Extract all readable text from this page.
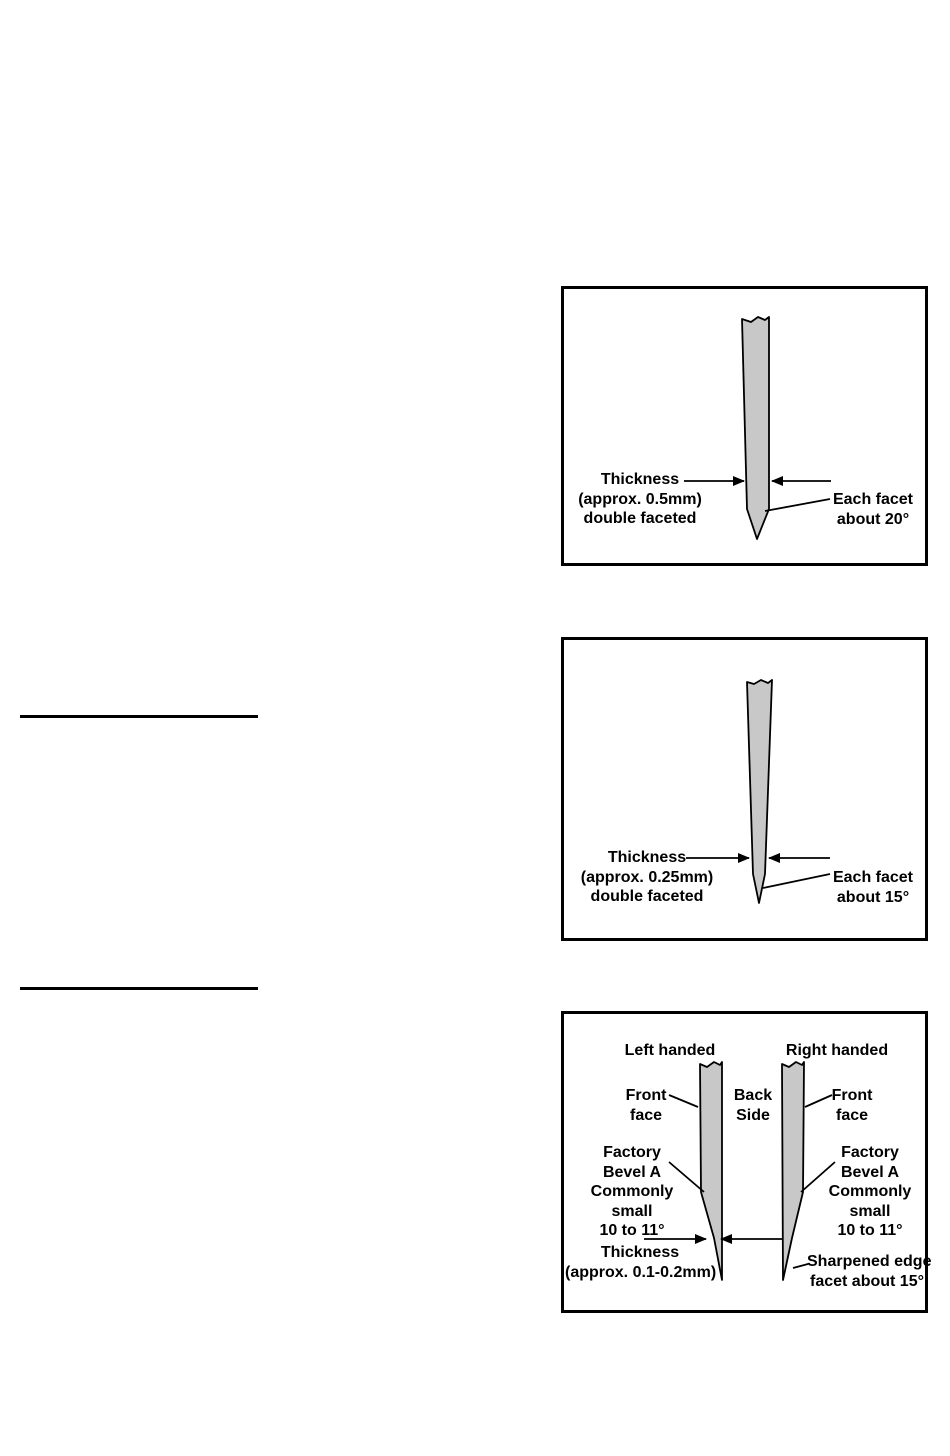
Thickness
(approx. 0.5mm)
double faceted
Each facet
about 20°
Thickness
(approx. 0.25mm)
double faceted
Each facet
about 15°
Left handed	Right handed
Front
face
Back
Side
Front
face
Factory
Bevel A
Commonly
small
10 to 11°
Factory
Bevel A
Commonly
small
10 to 11°
Thickness
(approx. 0.1-0.2mm)
Sharpened edge
facet about 15°
